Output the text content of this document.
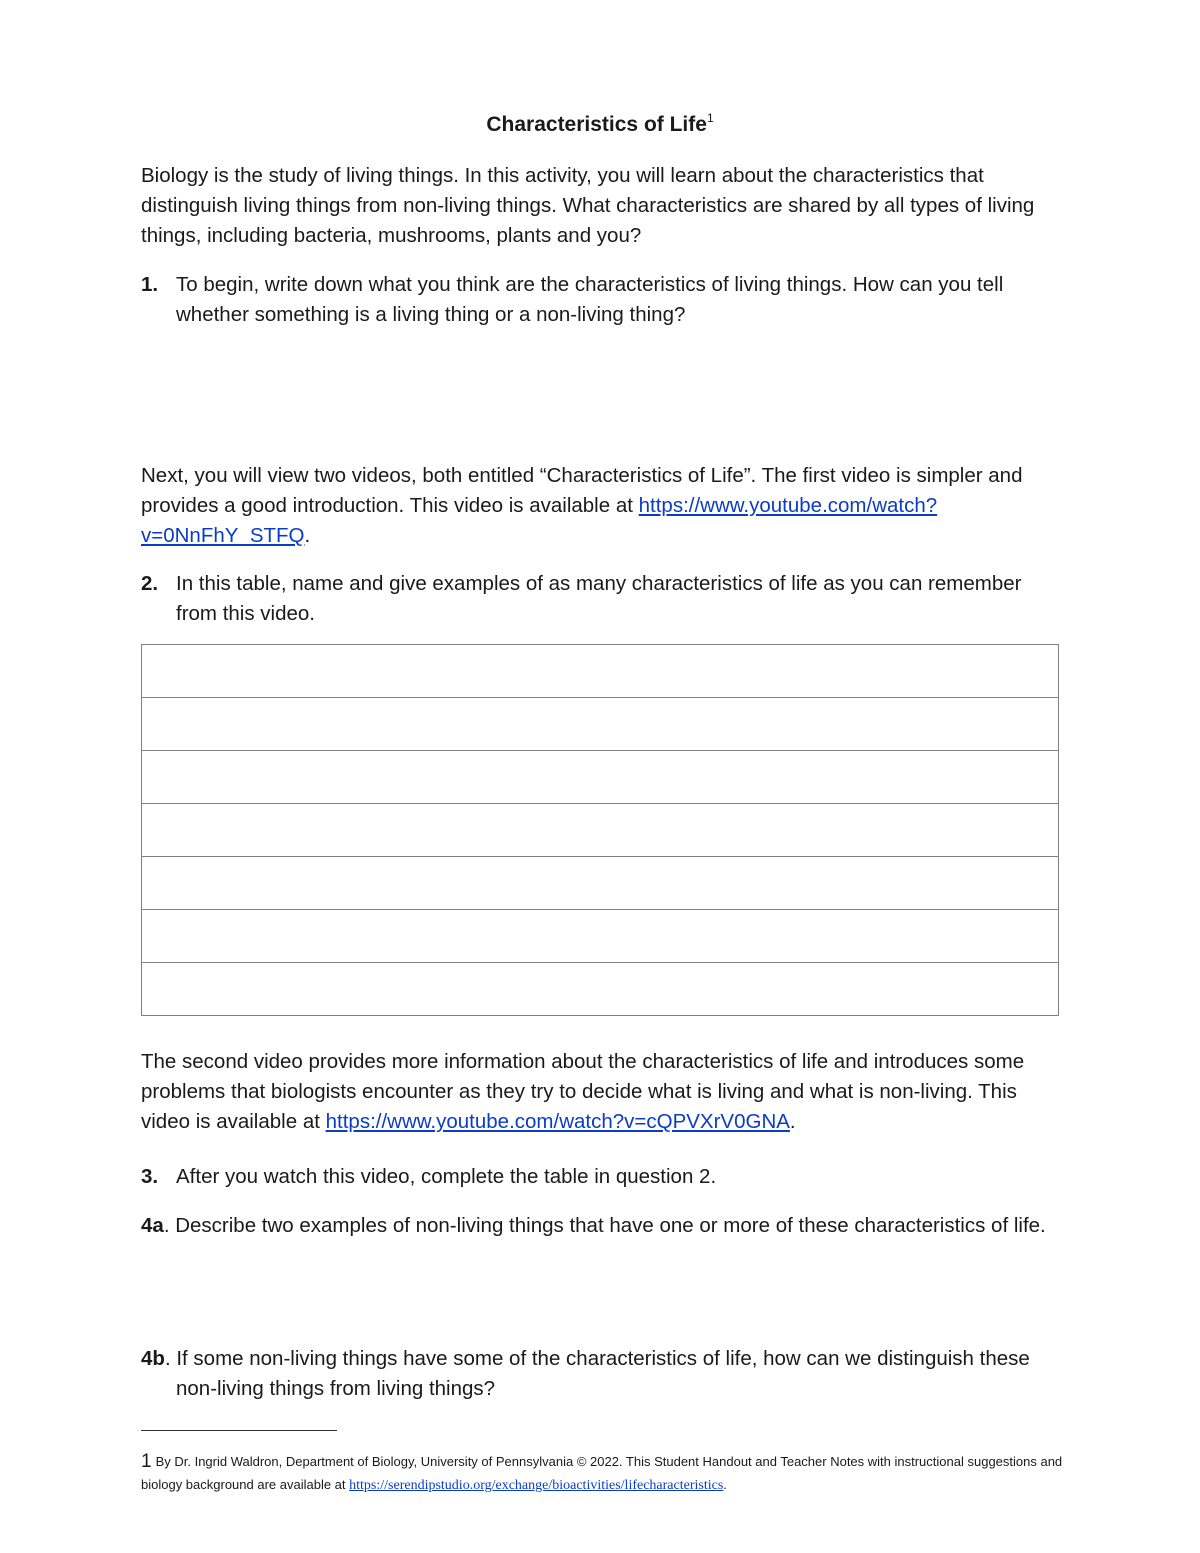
Characteristics of Life$^1$
Biology is the study of living things. In this activity, you will learn about the characteristics that distinguish living things from non-living things. What characteristics are shared by all types of living things, including bacteria, mushrooms, plants and you?
1. To begin, write down what you think are the characteristics of living things. How can you tell whether something is a living thing or a non-living thing?
Next, you will view two videos, both entitled “Characteristics of Life”. The first video is simpler and provides a good introduction. This video is available at https://www.youtube.com/watch?v=0NnFhY_STFQ.
2. In this table, name and give examples of as many characteristics of life as you can remember from this video.

The second video provides more information about the characteristics of life and introduces some problems that biologists encounter as they try to decide what is living and what is non-living. This video is available at https://www.youtube.com/watch?v=cQPVXrV0GNA.
3. After you watch this video, complete the table in question 2.
4a. Describe two examples of non-living things that have one or more of these characteristics of life.
4b. If some non-living things have some of the characteristics of life, how can we distinguish these non-living things from living things?
1 By Dr. Ingrid Waldron, Department of Biology, University of Pennsylvania © 2022. This Student Handout and Teacher Notes with instructional suggestions and biology background are available at https://serendipstudio.org/exchange/bioactivities/lifecharacteristics.
